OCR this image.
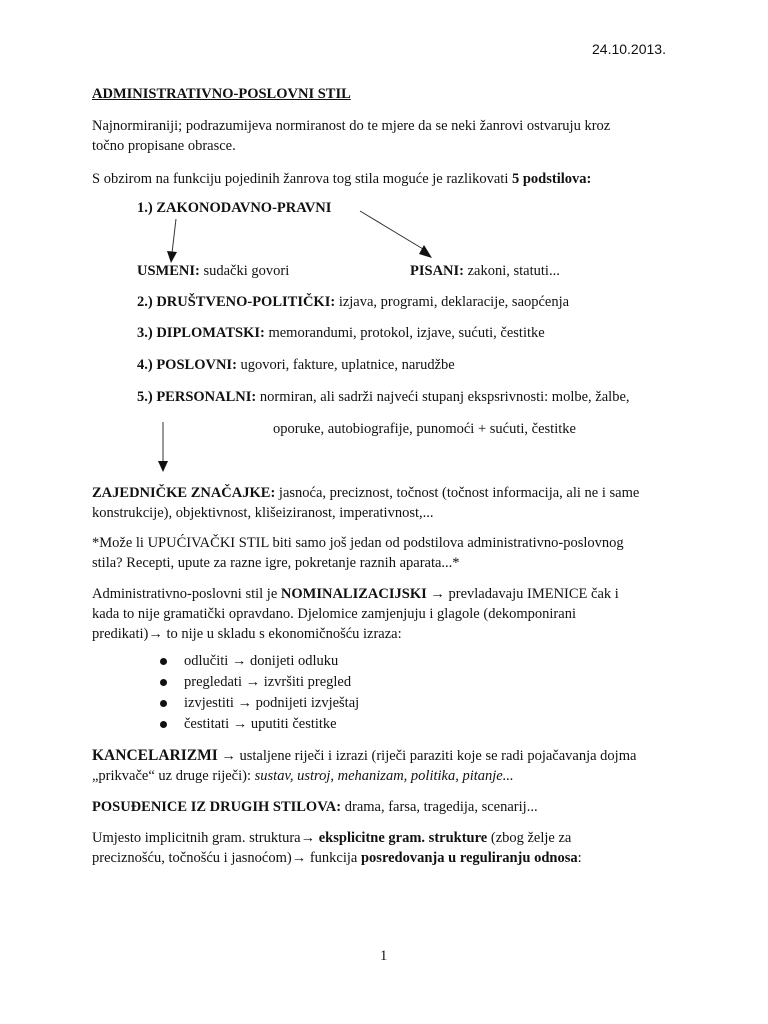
24.10.2013.
ADMINISTRATIVNO-POSLOVNI STIL
Najnormiraniji; podrazumijeva normiranost do te mjere da se neki žanrovi ostvaruju kroz
točno propisane obrasce.
S obzirom na funkciju pojedinih žanrova tog stila moguće je razlikovati 5 podstilova:
1.) ZAKONODAVNO-PRAVNI
USMENI: sudački govori	PISANI: zakoni, statuti...
2.) DRUŠTVENO-POLITIČKI: izjava, programi, deklaracije, saopćenja
3.) DIPLOMATSKI: memorandumi, protokol, izjave, sućuti, čestitke
4.) POSLOVNI: ugovori, fakture, uplatnice, narudžbe
5.) PERSONALNI: normiran, ali sadrži najveći stupanj ekspsrivnosti: molbe, žalbe,
oporuke, autobiografije, punomoći + sućuti, čestitke
ZAJEDNIČKE ZNAČAJKE: jasnoća, preciznost, točnost (točnost informacija, ali ne i same
konstrukcije), objektivnost, klišeiziranost, imperativnost,...
*Može li UPUĆIVAČKI STIL biti samo još jedan od podstilova administrativno-poslovnog
stila? Recepti, upute za razne igre, pokretanje raznih aparata...*
Administrativno-poslovni stil je NOMINALIZACIJSKI → prevladavaju IMENICE čak i
kada to nije gramatički opravdano. Djelomice zamjenjuju i glagole (dekomponirani
predikati)→ to nije u skladu s ekonomičnošću izraza:
odlučiti → donijeti odluku
pregledati → izvršiti pregled
izvjestiti → podnijeti izvještaj
čestitati → uputiti čestitke
KANCELARIZMI → ustaljene riječi i izrazi (riječi paraziti koje se radi pojačavanja dojma
„prikvače“ uz druge riječi): sustav, ustroj, mehanizam, politika, pitanje...
POSUĐENICE IZ DRUGIH STILOVA: drama, farsa, tragedija, scenarij...
Umjesto implicitnih gram. struktura→ eksplicitne gram. strukture (zbog želje za
preciznošću, točnošću i jasnoćom)→ funkcija posredovanja u reguliranju odnosa:
1
